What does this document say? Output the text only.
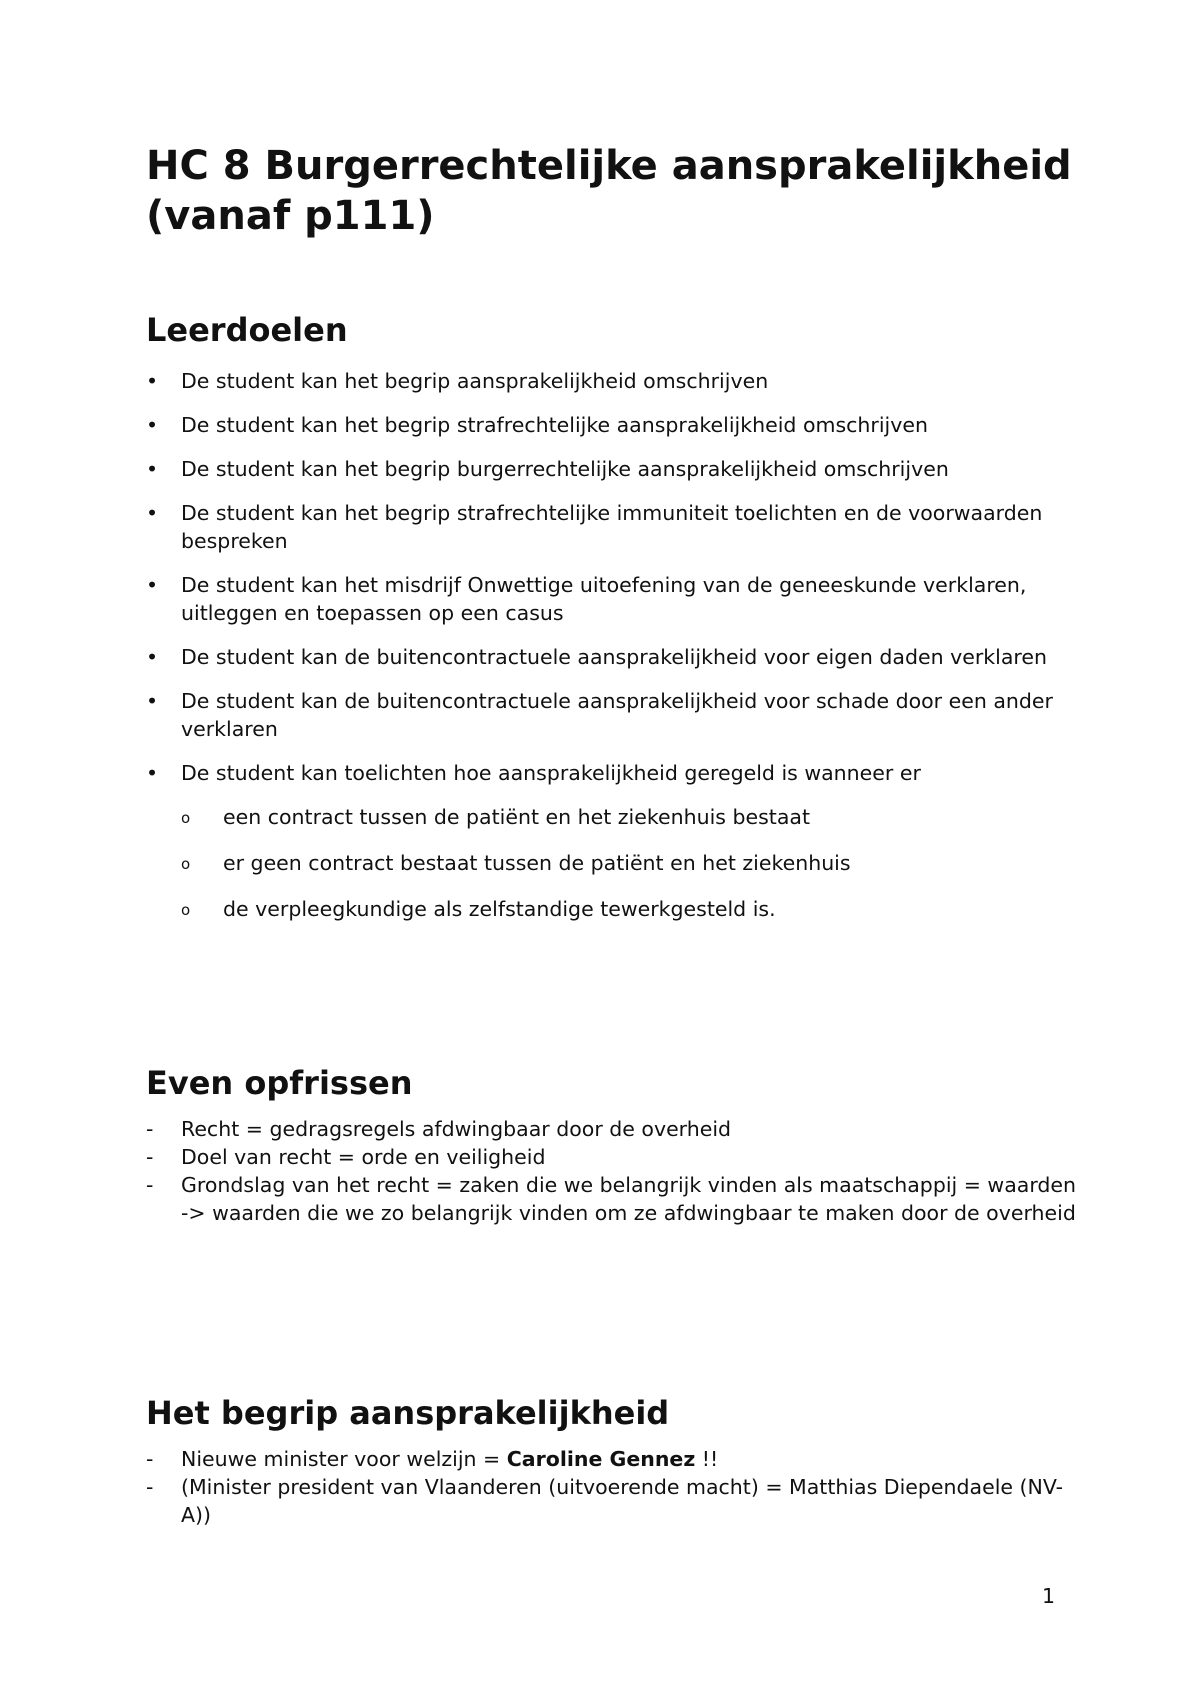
HC 8 Burgerrechtelijke aansprakelijkheid (vanaf p111)
Leerdoelen
• De student kan het begrip aansprakelijkheid omschrijven
• De student kan het begrip strafrechtelijke aansprakelijkheid omschrijven
• De student kan het begrip burgerrechtelijke aansprakelijkheid omschrijven
• De student kan het begrip strafrechtelijke immuniteit toelichten en de voorwaarden bespreken
• De student kan het misdrijf Onwettige uitoefening van de geneeskunde verklaren, uitleggen en toepassen op een casus
• De student kan de buitencontractuele aansprakelijkheid voor eigen daden verklaren
• De student kan de buitencontractuele aansprakelijkheid voor schade door een ander verklaren
• De student kan toelichten hoe aansprakelijkheid geregeld is wanneer er
o een contract tussen de patiënt en het ziekenhuis bestaat
o er geen contract bestaat tussen de patiënt en het ziekenhuis
o de verpleegkundige als zelfstandige tewerkgesteld is.
Even opfrissen
- Recht = gedragsregels afdwingbaar door de overheid
- Doel van recht = orde en veiligheid
- Grondslag van het recht = zaken die we belangrijk vinden als maatschappij = waarden
-> waarden die we zo belangrijk vinden om ze afdwingbaar te maken door de overheid
Het begrip aansprakelijkheid
- Nieuwe minister voor welzijn = Caroline Gennez !!
- (Minister president van Vlaanderen (uitvoerende macht) = Matthias Diependaele (NV-A))
1
